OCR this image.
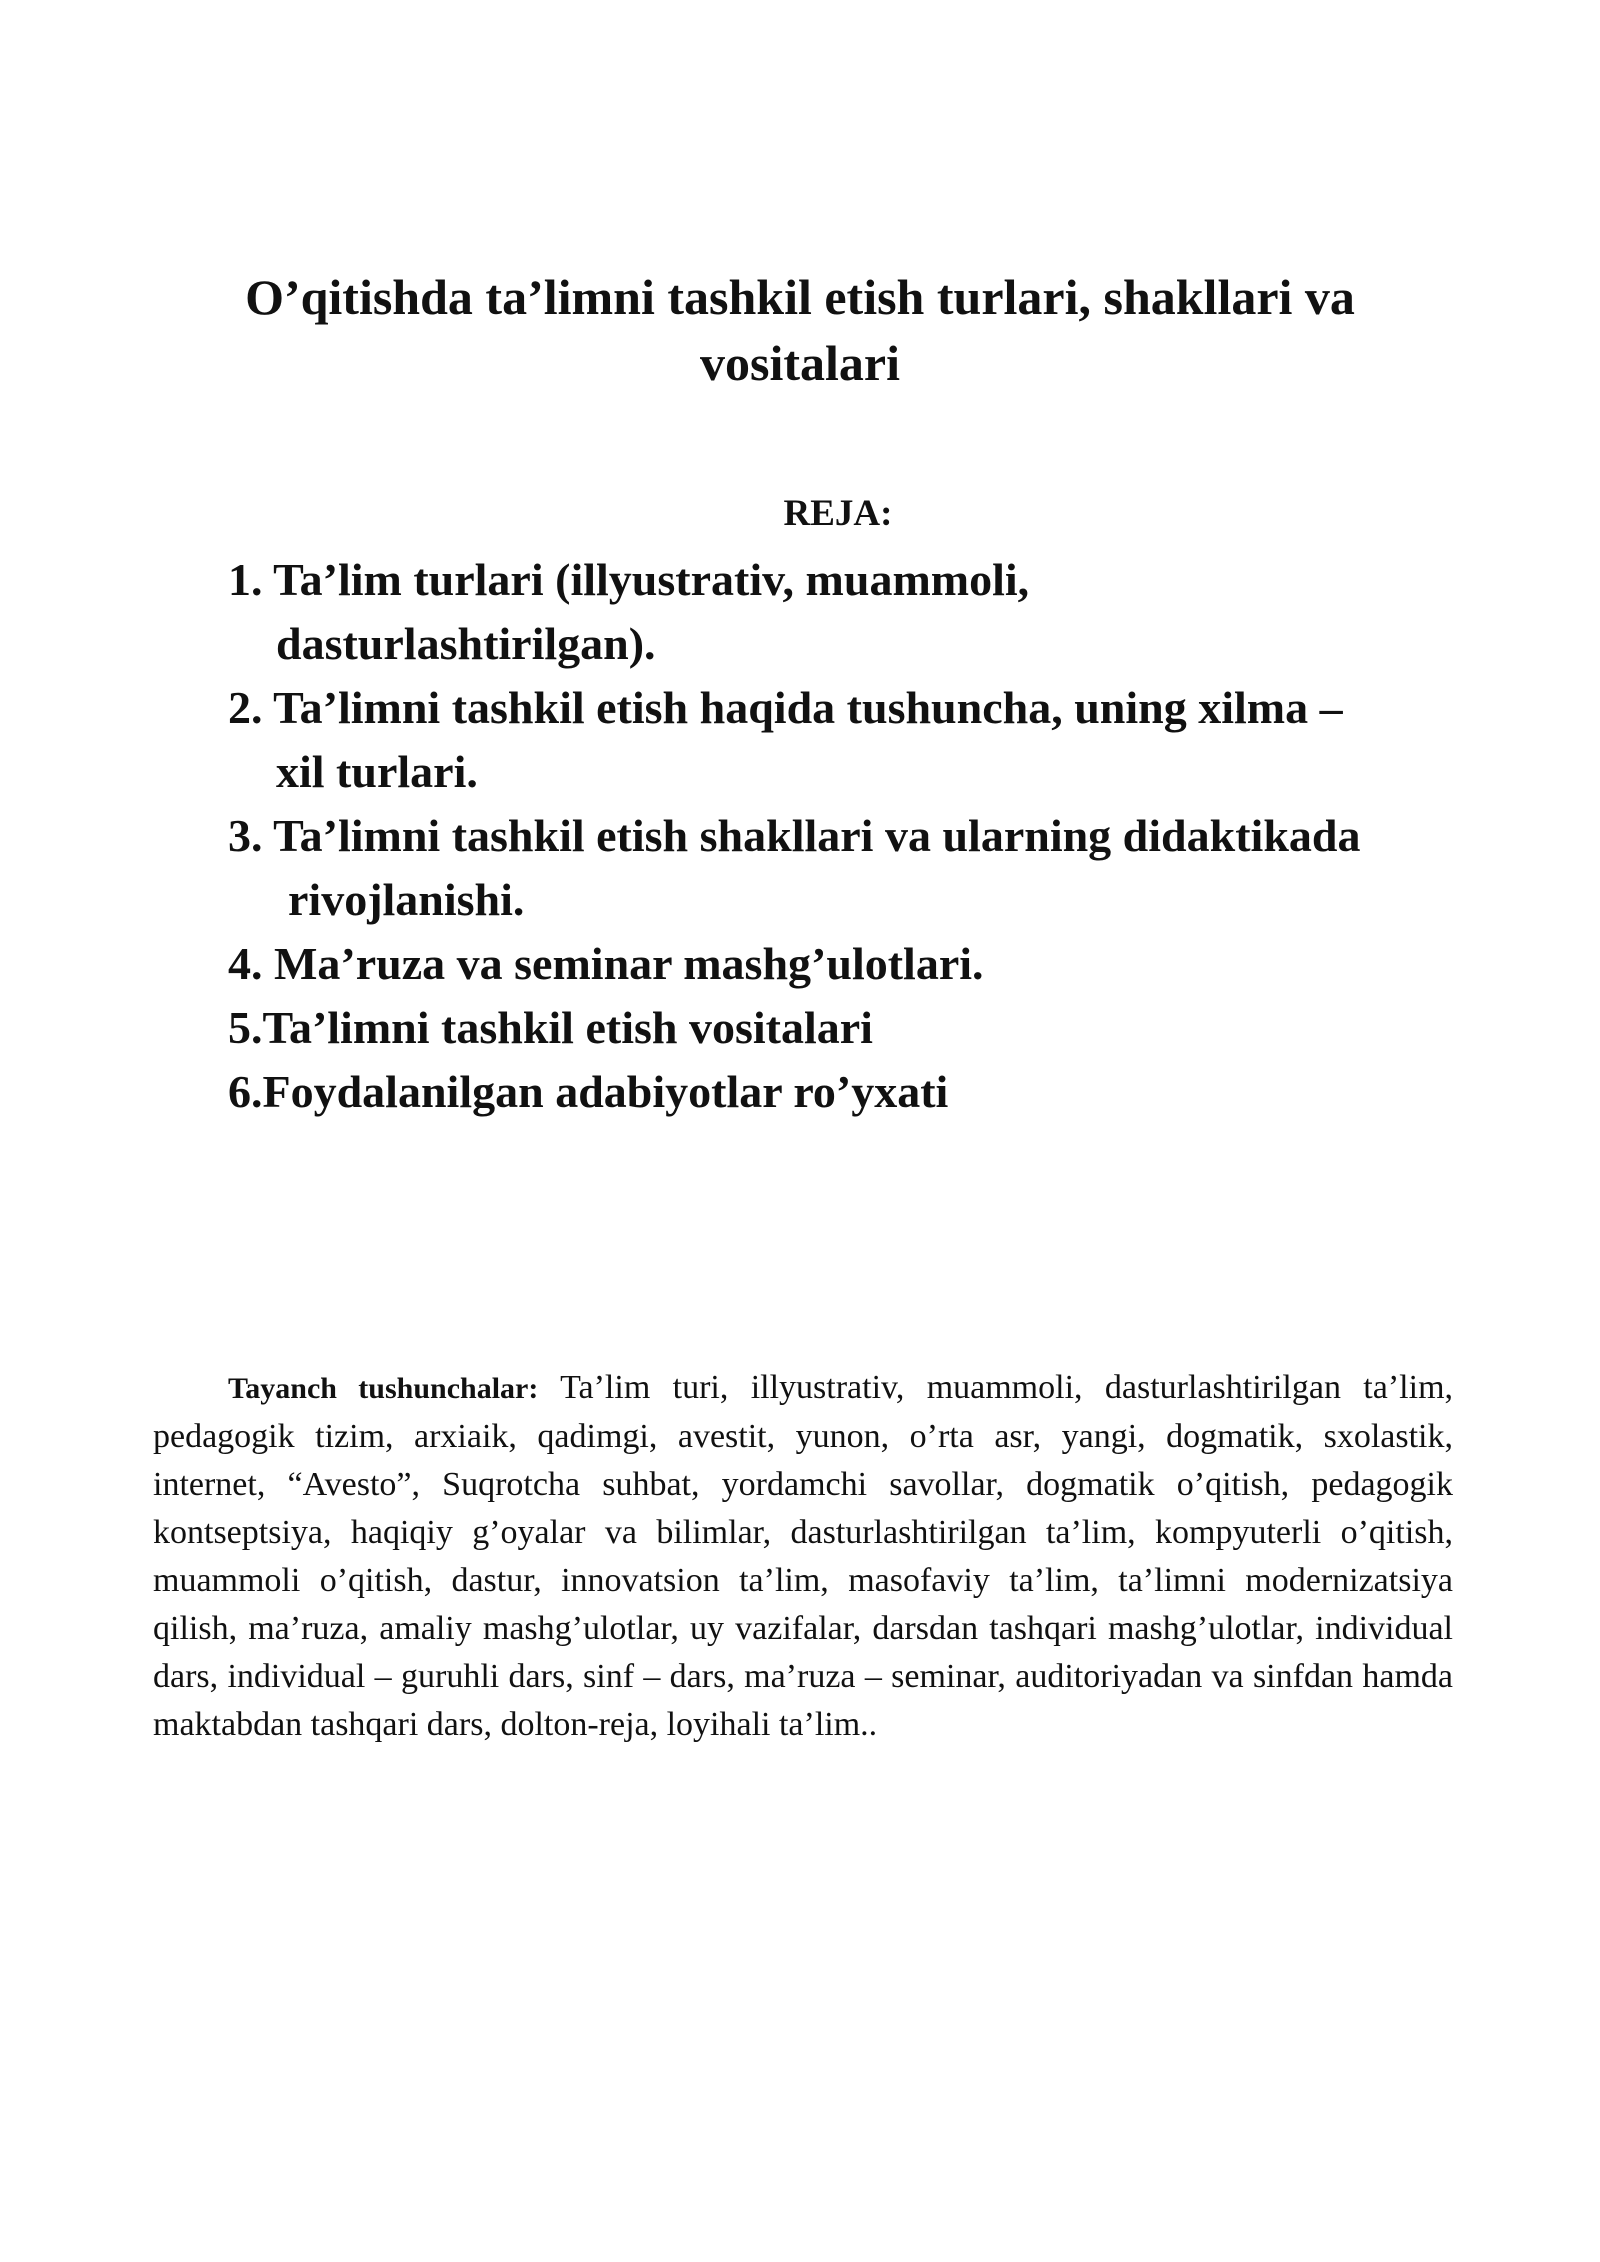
O’qitishda ta’limni tashkil etish turlari, shakllari va
vositalari
REJA:
1. Ta’lim turlari (illyustrativ, muammoli,
dasturlashtirilgan).
2. Ta’limni tashkil etish haqida tushuncha, uning xilma –
xil turlari.
3. Ta’limni tashkil etish shakllari va ularning didaktikada
rivojlanishi.
4. Ma’ruza va seminar mashg’ulotlari.
5.Ta’limni tashkil etish vositalari
6.Foydalanilgan adabiyotlar ro’yxati

Tayanch tushunchalar: Ta’lim turi, illyustrativ, muammoli, dasturlashtirilgan ta’lim, pedagogik tizim, arxiaik, qadimgi, avestit, yunon, o’rta asr, yangi, dogmatik, sxolastik, internet, “Avesto”, Suqrotcha suhbat, yordamchi savollar, dogmatik o’qitish, pedagogik kontseptsiya, haqiqiy g’oyalar va bilimlar, dasturlashtirilgan ta’lim, kompyuterli o’qitish, muammoli o’qitish, dastur, innovatsion ta’lim, masofaviy ta’lim, ta’limni modernizatsiya qilish, ma’ruza, amaliy mashg’ulotlar, uy vazifalar, darsdan tashqari mashg’ulotlar, individual dars, individual – guruhli dars, sinf – dars, ma’ruza – seminar, auditoriyadan va sinfdan hamda maktabdan tashqari dars, dolton-reja, loyihali ta’lim..
